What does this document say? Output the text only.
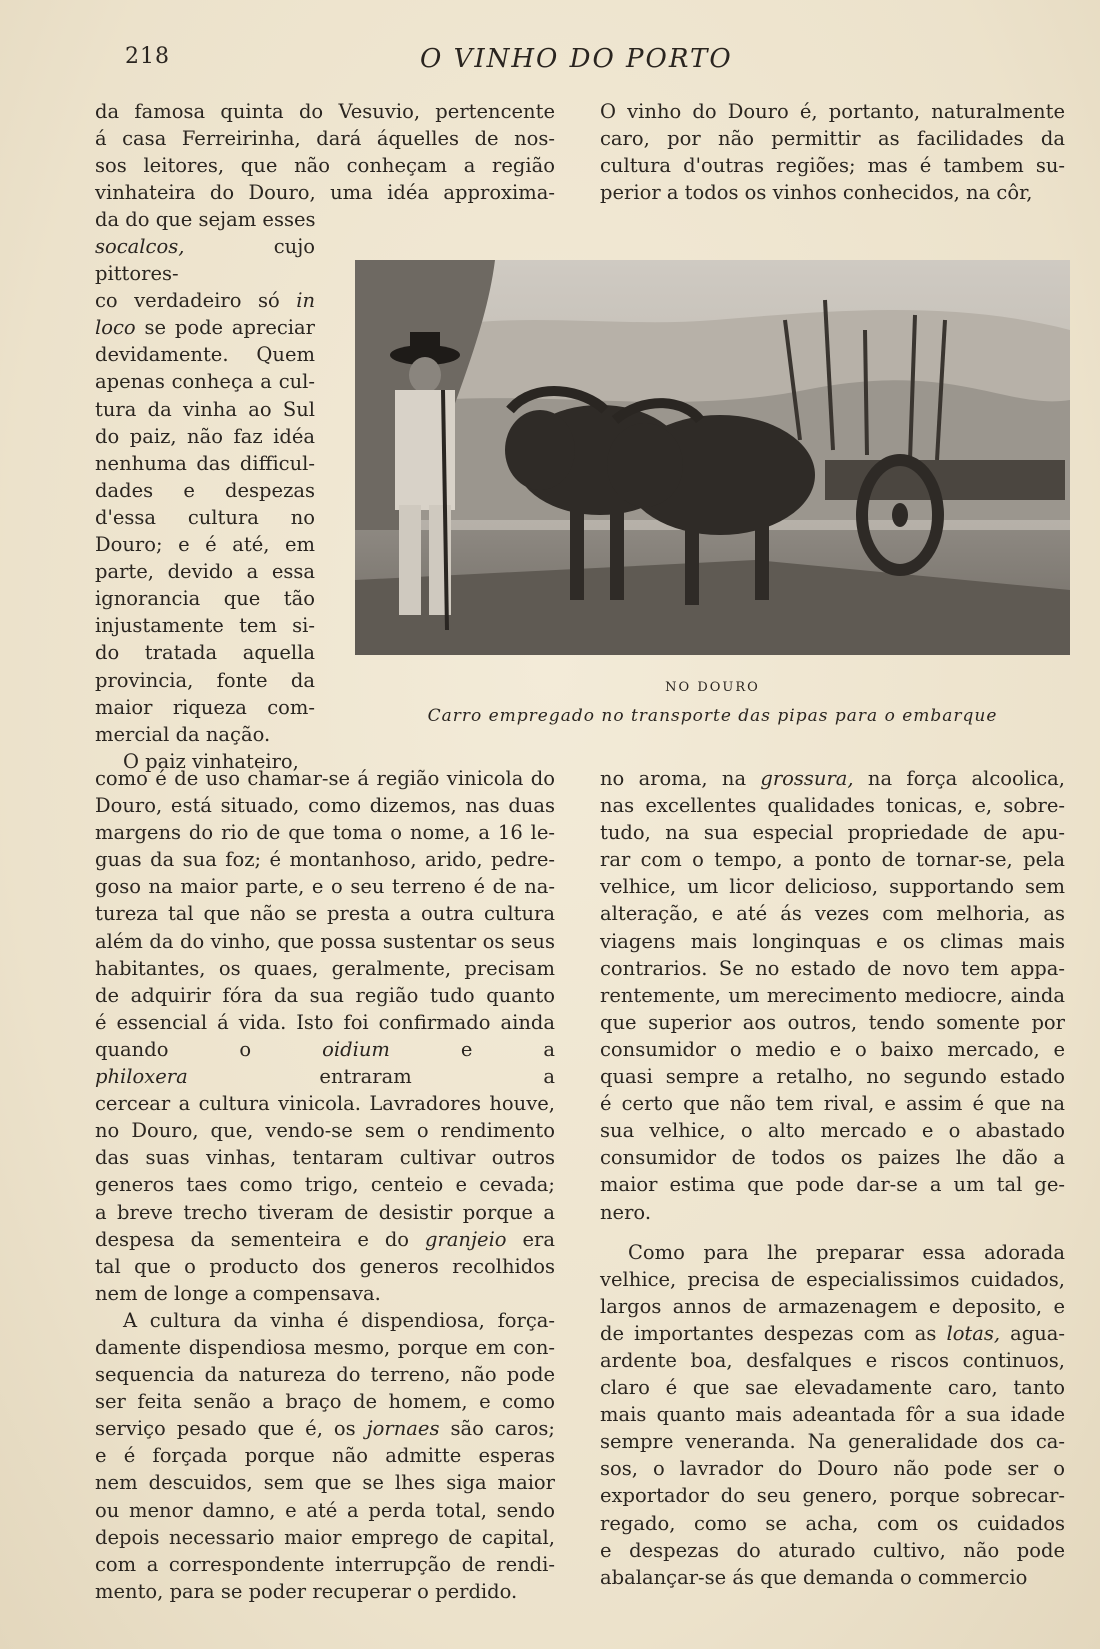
218	O VINHO DO PORTO
da famosa quinta do Vesuvio, pertencente
á casa Ferreirinha, dará áquelles de nos-
sos leitores, que não conheçam a região
vinhateira do Douro, uma idéa approxima-
da do que sejam esses
socalcos, cujo pittores-
co verdadeiro só in
loco se pode apreciar
devidamente. Quem
apenas conheça a cul-
tura da vinha ao Sul
do paiz, não faz idéa
nenhuma das difficul-
dades e despezas
d'essa cultura no
Douro; e é até, em
parte, devido a essa
ignorancia que tão
injustamente tem si-
do tratada aquella
provincia, fonte da
maior riqueza com-
mercial da nação.
O paiz vinhateiro,
O vinho do Douro é, portanto, naturalmente
caro, por não permittir as facilidades da
cultura d'outras regiões; mas é tambem su-
perior a todos os vinhos conhecidos, na côr,
NO DOURO
Carro empregado no transporte das pipas para o embarque
como é de uso chamar-se á região vinicola do
Douro, está situado, como dizemos, nas duas
margens do rio de que toma o nome, a 16 le-
guas da sua foz; é montanhoso, arido, pedre-
goso na maior parte, e o seu terreno é de na-
tureza tal que não se presta a outra cultura
além da do vinho, que possa sustentar os seus
habitantes, os quaes, geralmente, precisam
de adquirir fóra da sua região tudo quanto
é essencial á vida. Isto foi confirmado ainda
quando o oidium e a
philoxera entraram a
cercear a cultura vinicola. Lavradores houve,
no Douro, que, vendo-se sem o rendimento
das suas vinhas, tentaram cultivar outros
generos taes como trigo, centeio e cevada;
a breve trecho tiveram de desistir porque a
despesa da sementeira e do granjeio era
tal que o producto dos generos recolhidos
nem de longe a compensava.
A cultura da vinha é dispendiosa, força-
damente dispendiosa mesmo, porque em con-
sequencia da natureza do terreno, não pode
ser feita senão a braço de homem, e como
serviço pesado que é, os jornaes são caros;
e é forçada porque não admitte esperas
nem descuidos, sem que se lhes siga maior
ou menor damno, e até a perda total, sendo
depois necessario maior emprego de capital,
com a correspondente interrupção de rendi-
mento, para se poder recuperar o perdido.
no aroma, na grossura, na força alcoolica,
nas excellentes qualidades tonicas, e, sobre-
tudo, na sua especial propriedade de apu-
rar com o tempo, a ponto de tornar-se, pela
velhice, um licor delicioso, supportando sem
alteração, e até ás vezes com melhoria, as
viagens mais longinquas e os climas mais
contrarios. Se no estado de novo tem appa-
rentemente, um merecimento mediocre, ainda
que superior aos outros, tendo somente por
consumidor o medio e o baixo mercado, e
quasi sempre a retalho, no segundo estado
é certo que não tem rival, e assim é que na
sua velhice, o alto mercado e o abastado
consumidor de todos os paizes lhe dão a
maior estima que pode dar-se a um tal ge-
nero.

Como para lhe preparar essa adorada
velhice, precisa de especialissimos cuidados,
largos annos de armazenagem e deposito, e
de importantes despezas com as lotas, agua-
ardente boa, desfalques e riscos continuos,
claro é que sae elevadamente caro, tanto
mais quanto mais adeantada fôr a sua idade
sempre veneranda. Na generalidade dos ca-
sos, o lavrador do Douro não pode ser o
exportador do seu genero, porque sobrecar-
regado, como se acha, com os cuidados
e despezas do aturado cultivo, não pode
abalançar-se ás que demanda o commercio
